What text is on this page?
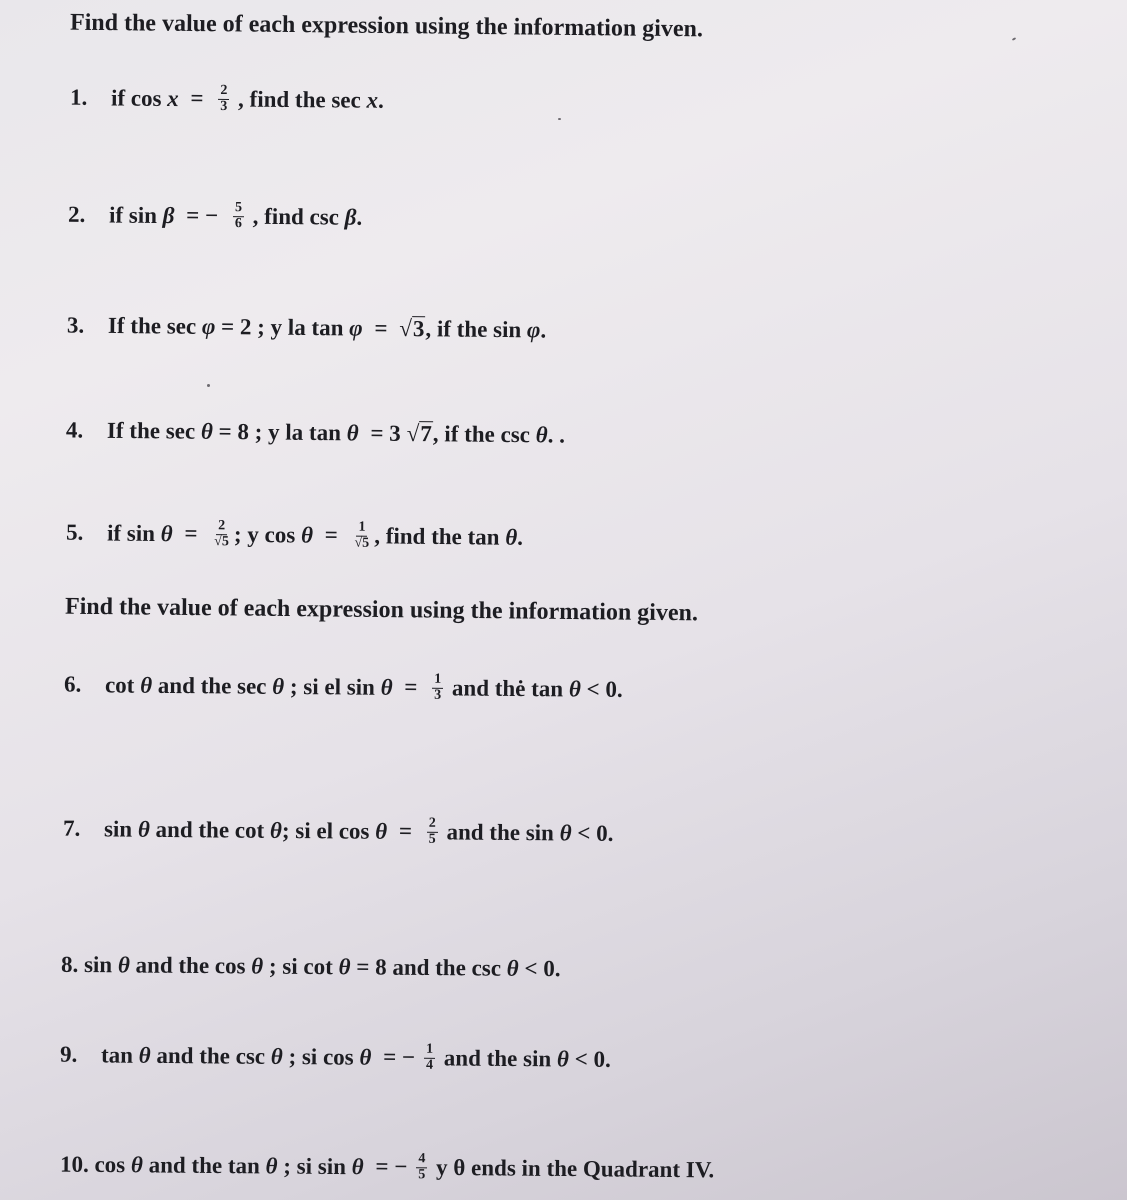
Find the value of each expression using the information given.
1. if $\cos x = \frac{2}{3}$ , find the sec x.
2. if sin β = − $\frac{5}{6}$ , find csc β.
3. If the sec φ = 2 ; y la tan φ = √3, if the sin φ.
4. If the sec θ = 8 ; y la tan θ = 3 √7, if the csc θ. .
5. if $\sin \theta = \frac{2}{√5}$ ; y $\cos \theta = \frac{1}{√5}$ , find the tan θ.
Find the value of each expression using the information given.
6. cot θ and the sec θ ; si el $\sin \theta = \frac{1}{3}$ and thė tan θ < 0.
7. sin θ and the cot θ; si el $\cos \theta = \frac{2}{5}$ and the sin θ < 0.
8. sin θ and the cos θ ; si cot θ = 8 and the csc θ < 0.
9. tan θ and the csc θ ; si cos θ = − $\frac{1}{4}$ and the sin θ < 0.
10. cos θ and the tan θ ; si sin θ = − $\frac{4}{5}$ y θ ends in the Quadrant IV.
